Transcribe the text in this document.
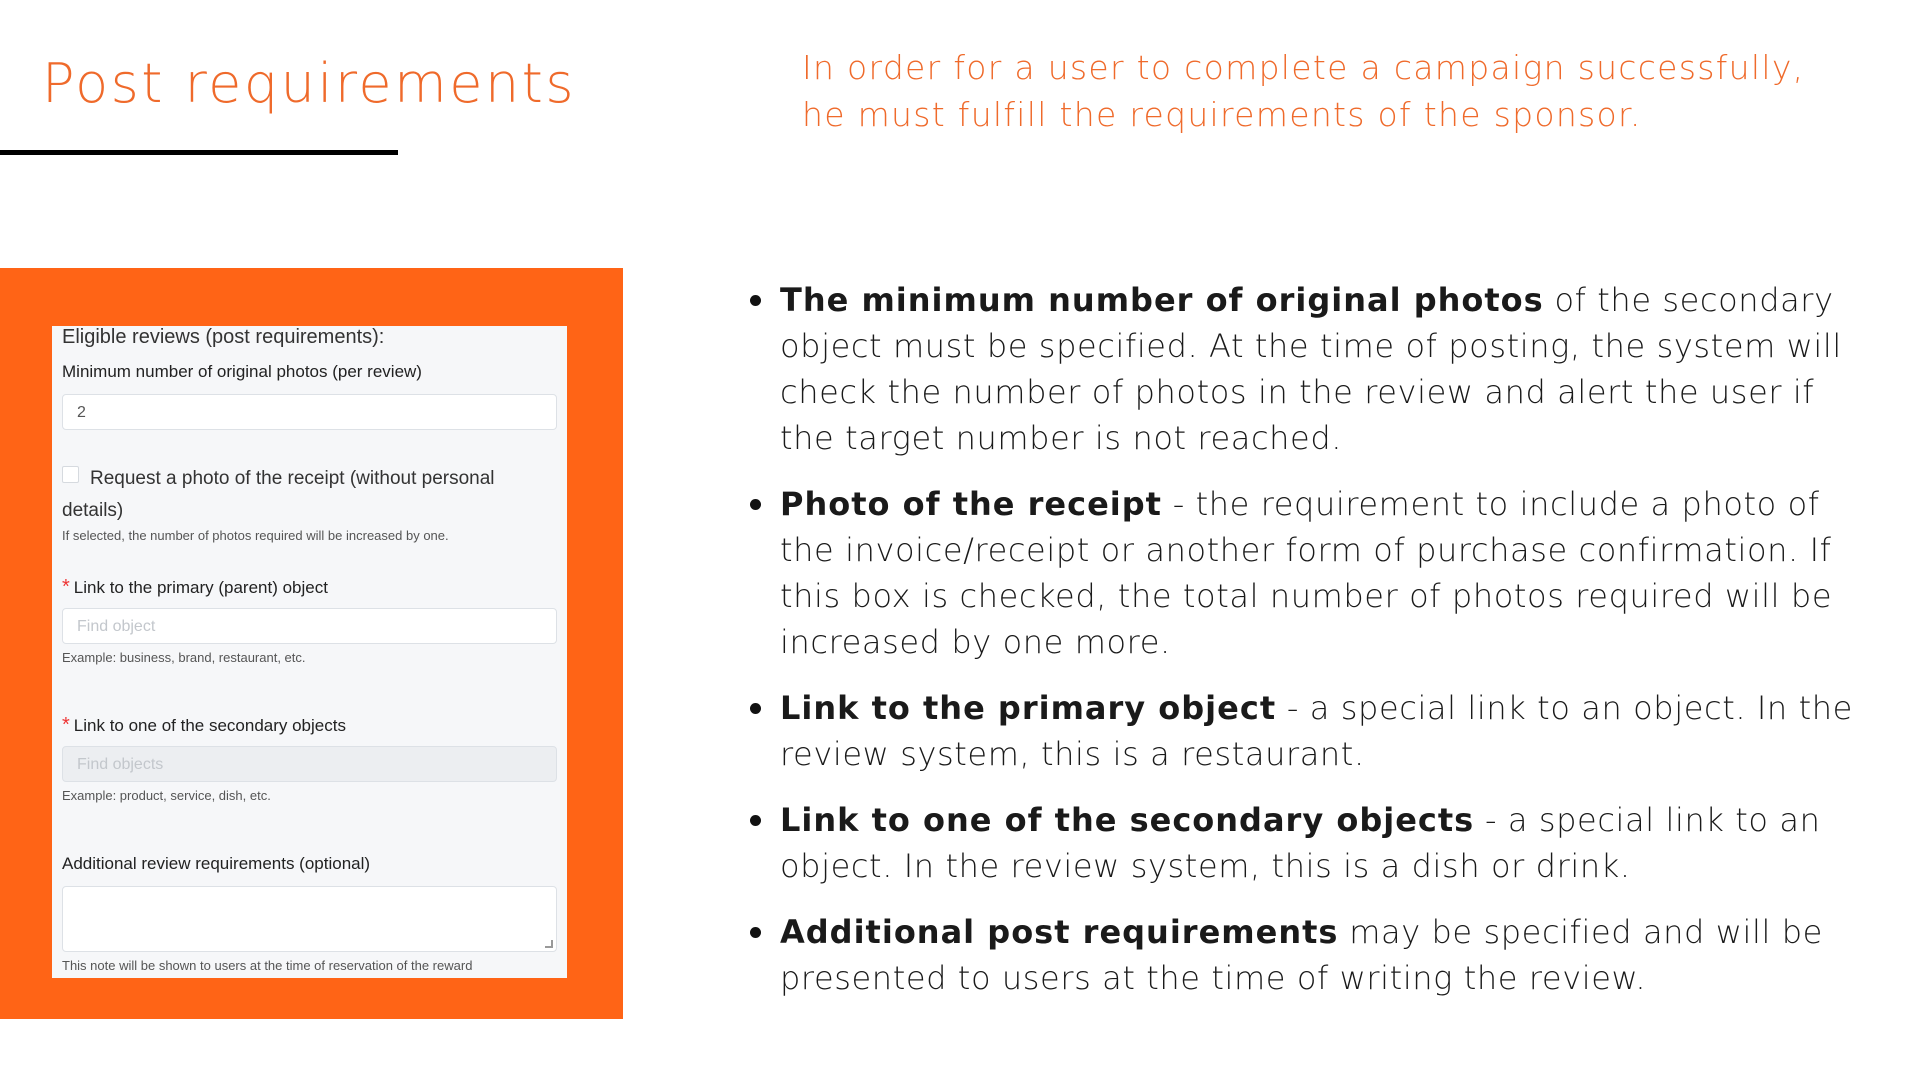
Post requirements	In order for a user to complete a campaign successfully,
he must fulfill the requirements of the sponsor.
Eligible reviews (post requirements):
Minimum number of original photos (per review)
2
Request a photo of the receipt (without personal details)
If selected, the number of photos required will be increased by one.
* Link to the primary (parent) object
Find object
Example: business, brand, restaurant, etc.
* Link to one of the secondary objects
Find objects
Example: product, service, dish, etc.
Additional review requirements (optional)
This note will be shown to users at the time of reservation of the reward
The minimum number of original photos of the secondary object must be specified. At the time of posting, the system will check the number of photos in the review and alert the user if the target number is not reached.
Photo of the receipt - the requirement to include a photo of the invoice/receipt or another form of purchase confirmation. If this box is checked, the total number of photos required will be increased by one more.
Link to the primary object - a special link to an object. In the review system, this is a restaurant.
Link to one of the secondary objects - a special link to an object. In the review system, this is a dish or drink.
Additional post requirements may be specified and will be presented to users at the time of writing the review.
